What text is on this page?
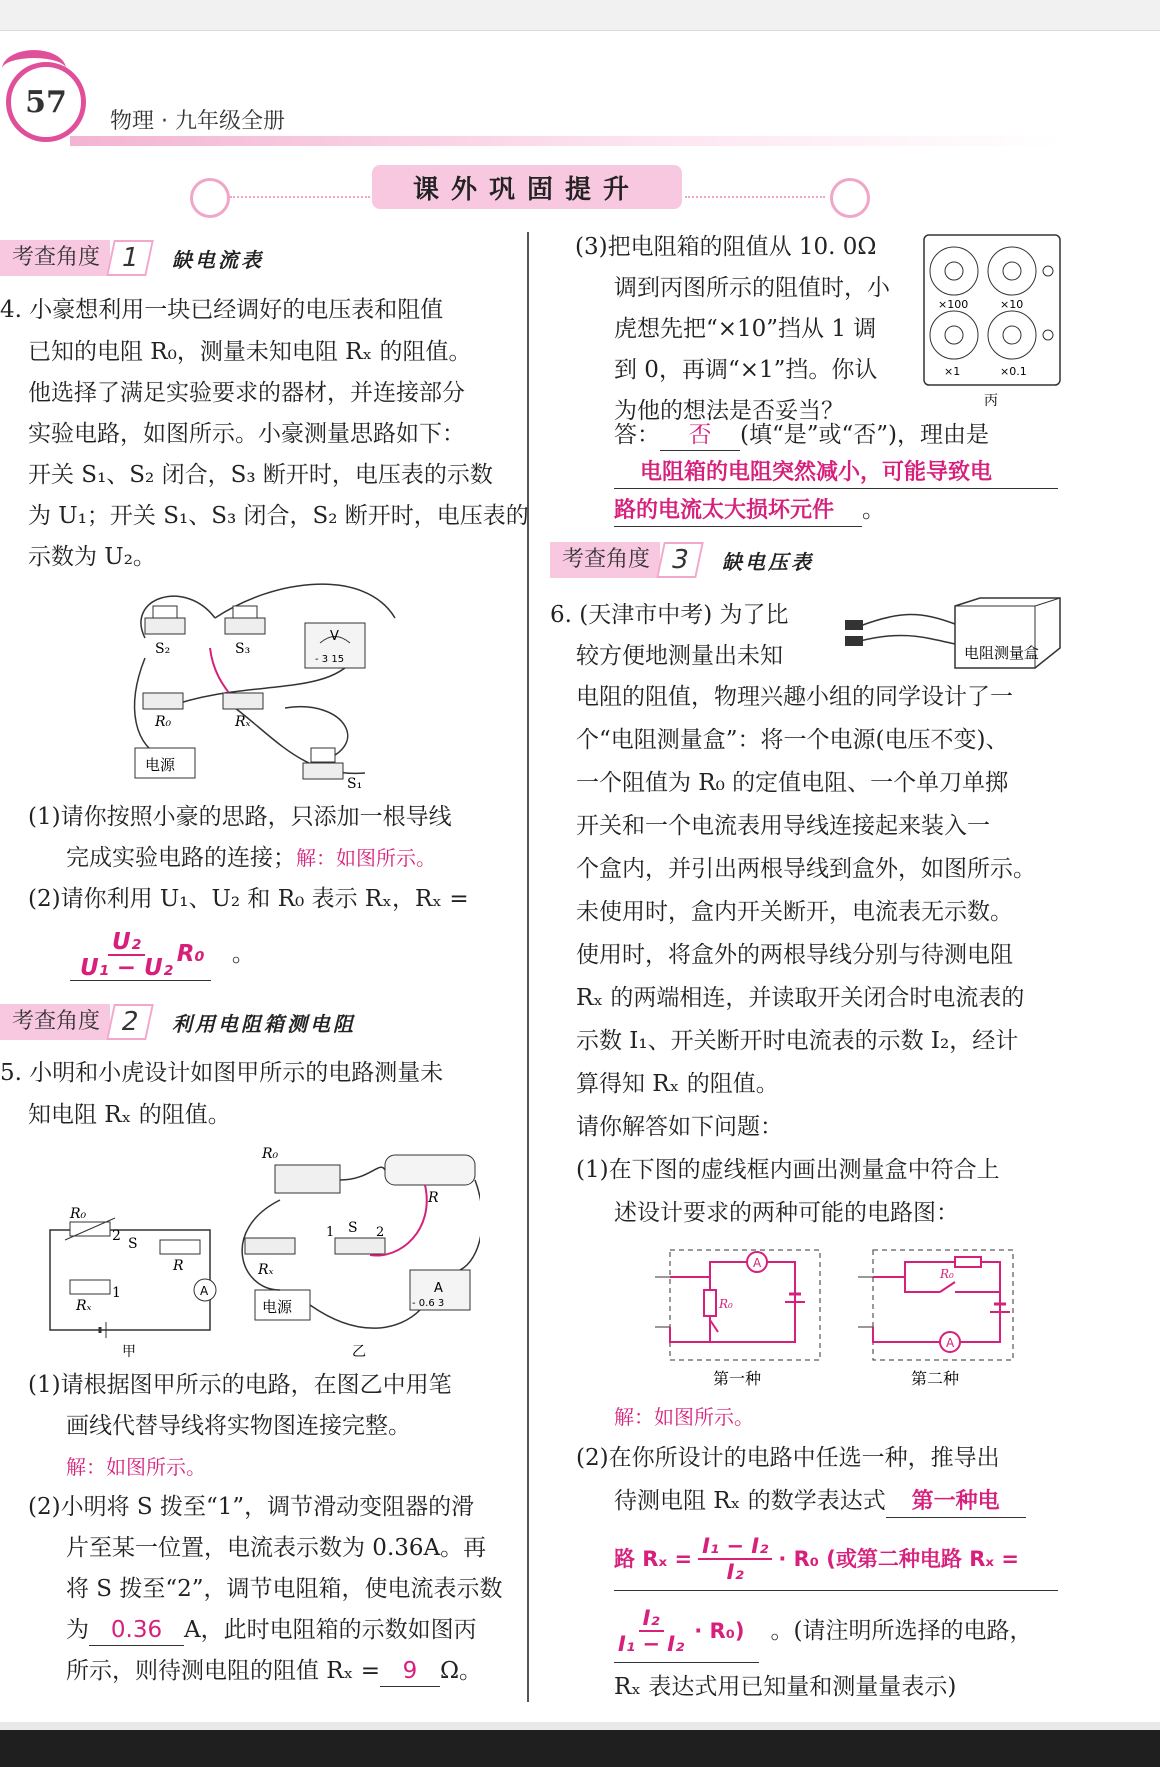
57
物理 · 九年级全册
课外巩固提升
考查角度 1	缺电流表
4. 小豪想利用一块已经调好的电压表和阻值
已知的电阻 R₀，测量未知电阻 Rₓ 的阻值。
他选择了满足实验要求的器材，并连接部分
实验电路，如图所示。小豪测量思路如下：
开关 S₁、S₂ 闭合，S₃ 断开时，电压表的示数
为 U₁；开关 S₁、S₃ 闭合，S₂ 断开时，电压表的
示数为 U₂。
S₂	S₃
R₀	Rₓ
S₁
电源
V
- 3 15
(1)请你按照小豪的思路，只添加一根导线
完成实验电路的连接；解：如图所示。
(2)请你利用 U₁、U₂ 和 R₀ 表示 Rₓ，Rₓ =
$\frac{\text{U₂}}{\text{U₁ − U₂}} R_0$ 。
考查角度 2	利用电阻箱测电阻
5. 小明和小虎设计如图甲所示的电路测量未
知电阻 Rₓ 的阻值。
R₀
2 S
1
Rₓ
R
A
甲
R₀
R
1 S 2
Rₓ
电源
A
- 0.6 3
乙
(1)请根据图甲所示的电路，在图乙中用笔
画线代替导线将实物图连接完整。
解：如图所示。
(2)小明将 S 拨至“1”，调节滑动变阻器的滑
片至某一位置，电流表示数为 0.36A。再
将 S 拨至“2”，调节电阻箱，使电流表示数
为 0.36 A，此时电阻箱的示数如图丙
所示，则待测电阻的阻值 Rₓ = 9 Ω。
(3)把电阻箱的阻值从 10. 0Ω
调到丙图所示的阻值时，小
虎想先把“×10”挡从 1 调
到 0，再调“×1”挡。你认
为他的想法是否妥当？
×100	×10
×1	×0.1
丙
答： 否 (填“是”或“否”)，理由是
电阻箱的电阻突然减小，可能导致电
路的电流太大损坏元件 。
考查角度 3	缺电压表
6. (天津市中考) 为了比
较方便地测量出未知	电阻测量盒
电阻的阻值，物理兴趣小组的同学设计了一
个“电阻测量盒”：将一个电源(电压不变)、
一个阻值为 R₀ 的定值电阻、一个单刀单掷
开关和一个电流表用导线连接起来装入一
个盒内，并引出两根导线到盒外，如图所示。
未使用时，盒内开关断开，电流表无示数。
使用时，将盒外的两根导线分别与待测电阻
Rₓ 的两端相连，并读取开关闭合时电流表的
示数 I₁、开关断开时电流表的示数 I₂，经计
算得知 Rₓ 的阻值。
请你解答如下问题：
(1)在下图的虚线框内画出测量盒中符合上
述设计要求的两种可能的电路图：
A
R₀
第一种
A
R₀
第二种
解：如图所示。
(2)在你所设计的电路中任选一种，推导出
待测电阻 Rₓ 的数学表达式 第一种电
路 $R_x = \frac{\text{I₁ − I₂}}{\text{I₂}} \cdot R_0$ (或第二种电路 Rₓ =
$\frac{\text{I₂}}{\text{I₁ − I₂}} \cdot R_0$) 。(请注明所选择的电路，
Rₓ 表达式用已知量和测量量表示)
